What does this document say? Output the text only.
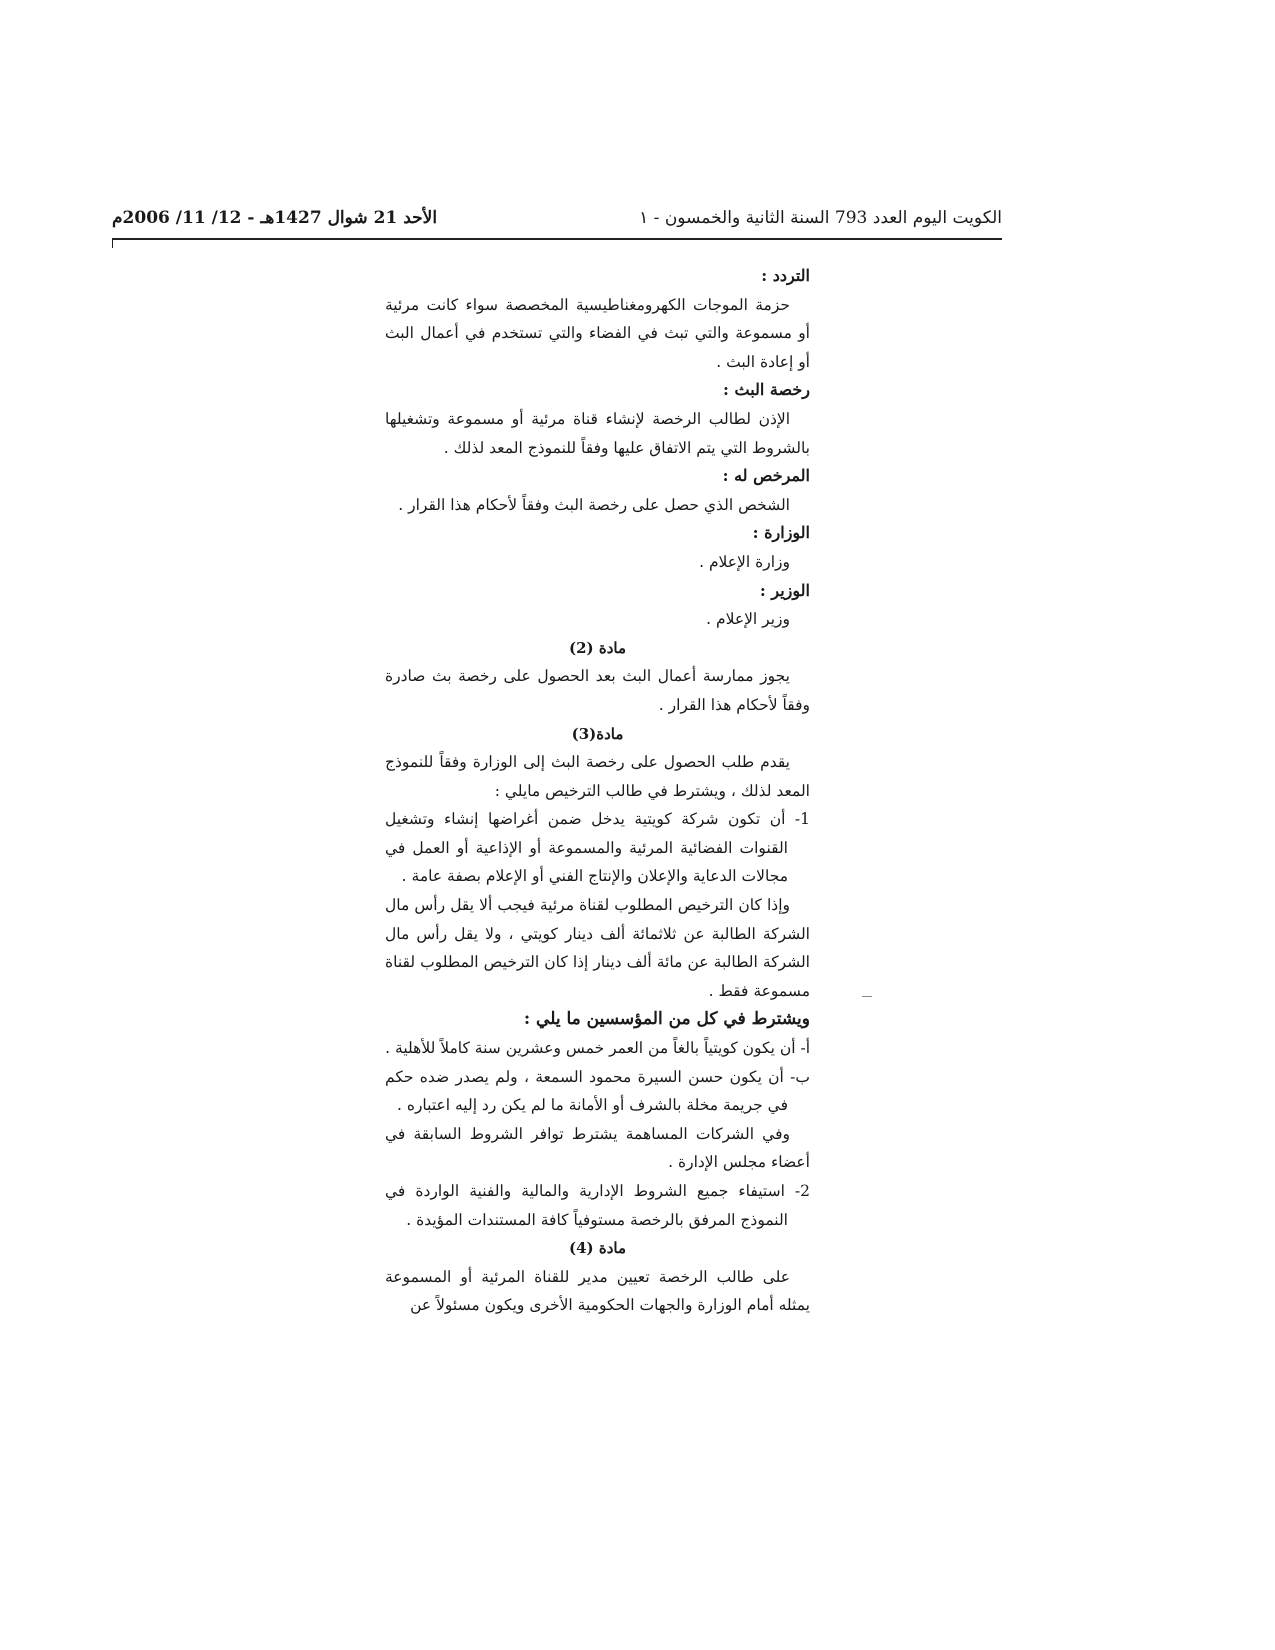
الكويت اليوم العدد 793 السنة الثانية والخمسون - ١
الأحد 21 شوال 1427هـ - 12/ 11/ 2006م

التردد :

حزمة الموجات الكهرومغناطيسية المخصصة سواء كانت مرئية أو مسموعة والتي تبث في الفضاء والتي تستخدم في أعمال البث أو إعادة البث .

رخصة البث :

الإذن لطالب الرخصة لإنشاء قناة مرئية أو مسموعة وتشغيلها بالشروط التي يتم الاتفاق عليها وفقاً للنموذج المعد لذلك .

المرخص له :

الشخص الذي حصل على رخصة البث وفقاً لأحكام هذا القرار .

الوزارة :

وزارة الإعلام .

الوزير :

وزير الإعلام .

مادة (2)

يجوز ممارسة أعمال البث بعد الحصول على رخصة بث صادرة وفقاً لأحكام هذا القرار .

مادة(3)

يقدم طلب الحصول على رخصة البث إلى الوزارة وفقاً للنموذج المعد لذلك ، ويشترط في طالب الترخيص مايلي :

1- أن تكون شركة كويتية يدخل ضمن أغراضها إنشاء وتشغيل القنوات الفضائية المرئية والمسموعة أو الإذاعية أو العمل في مجالات الدعاية والإعلان والإنتاج الفني أو الإعلام بصفة عامة .

وإذا كان الترخيص المطلوب لقناة مرئية فيجب ألا يقل رأس مال الشركة الطالبة عن ثلاثمائة ألف دينار كويتي ، ولا يقل رأس مال الشركة الطالبة عن مائة ألف دينار إذا كان الترخيص المطلوب لقناة مسموعة فقط .

ويشترط في كل من المؤسسين ما يلي :

أ- أن يكون كويتياً بالغاً من العمر خمس وعشرين سنة كاملاً للأهلية .

ب- أن يكون حسن السيرة محمود السمعة ، ولم يصدر ضده حكم في جريمة مخلة بالشرف أو الأمانة ما لم يكن رد إليه اعتباره .

وفي الشركات المساهمة يشترط توافر الشروط السابقة في أعضاء مجلس الإدارة .

2- استيفاء جميع الشروط الإدارية والمالية والفنية الواردة في النموذج المرفق بالرخصة مستوفياً كافة المستندات المؤيدة .

مادة (4)

على طالب الرخصة تعيين مدير للقناة المرئية أو المسموعة يمثله أمام الوزارة والجهات الحكومية الأخرى ويكون مسئولاً عن
